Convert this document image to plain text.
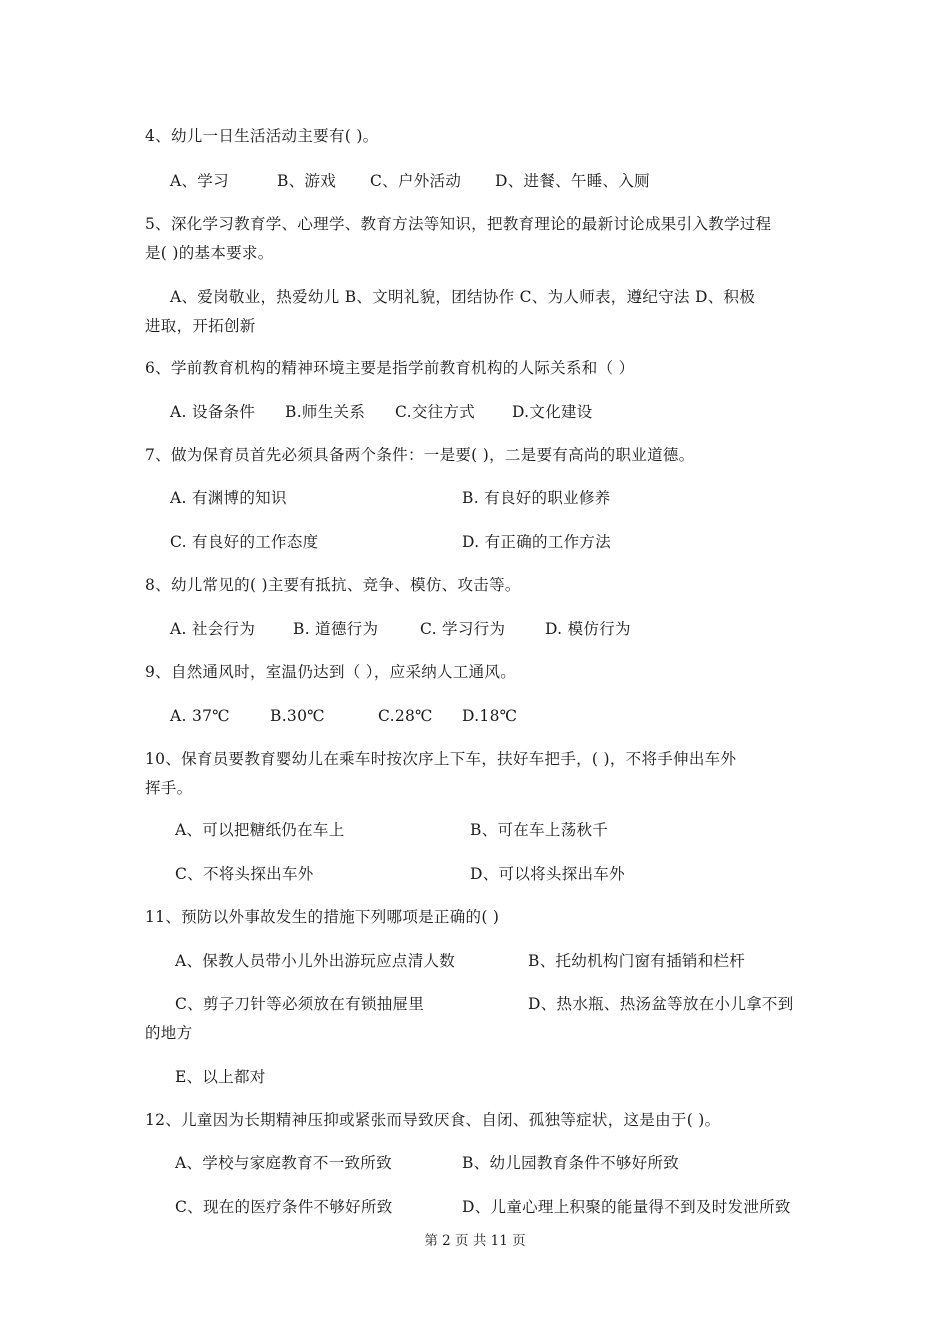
4、幼儿一日生活活动主要有( )。
A、学习	B、游戏 C、户外活动 D、进餐、午睡、入厕
5、深化学习教育学、心理学、教育方法等知识，把教育理论的最新讨论成果引入教学过程
是( )的基本要求。
A、爱岗敬业，热爱幼儿 B、文明礼貌，团结协作 C、为人师表，遵纪守法 D、积极
进取，开拓创新
6、学前教育机构的精神环境主要是指学前教育机构的人际关系和（ ）
A. 设备条件 B.师生关系 C.交往方式 D.文化建设
7、做为保育员首先必须具备两个条件：一是要( )，二是要有高尚的职业道德。
A. 有渊博的知识	B. 有良好的职业修养
C. 有良好的工作态度	D. 有正确的工作方法
8、幼儿常见的( )主要有抵抗、竞争、模仿、攻击等。
A. 社会行为 B. 道德行为	C. 学习行为	D. 模仿行为
9、自然通风时，室温仍达到（ ），应采纳人工通风。
A. 37℃	B.30℃	C.28℃ D.18℃
10、保育员要教育婴幼儿在乘车时按次序上下车，扶好车把手，( )，不将手伸出车外
挥手。
A、可以把糖纸仍在车上	B、可在车上荡秋千
C、不将头探出车外	D、可以将头探出车外
11、预防以外事故发生的措施下列哪项是正确的( )
A、保教人员带小儿外出游玩应点清人数	B、托幼机构门窗有插销和栏杆
C、剪子刀针等必须放在有锁抽屉里	D、热水瓶、热汤盆等放在小儿拿不到
的地方
E、以上都对
12、儿童因为长期精神压抑或紧张而导致厌食、自闭、孤独等症状，这是由于( )。
A、学校与家庭教育不一致所致	B、幼儿园教育条件不够好所致
C、现在的医疗条件不够好所致	D、儿童心理上积聚的能量得不到及时发泄所致
第 2 页 共 11 页
